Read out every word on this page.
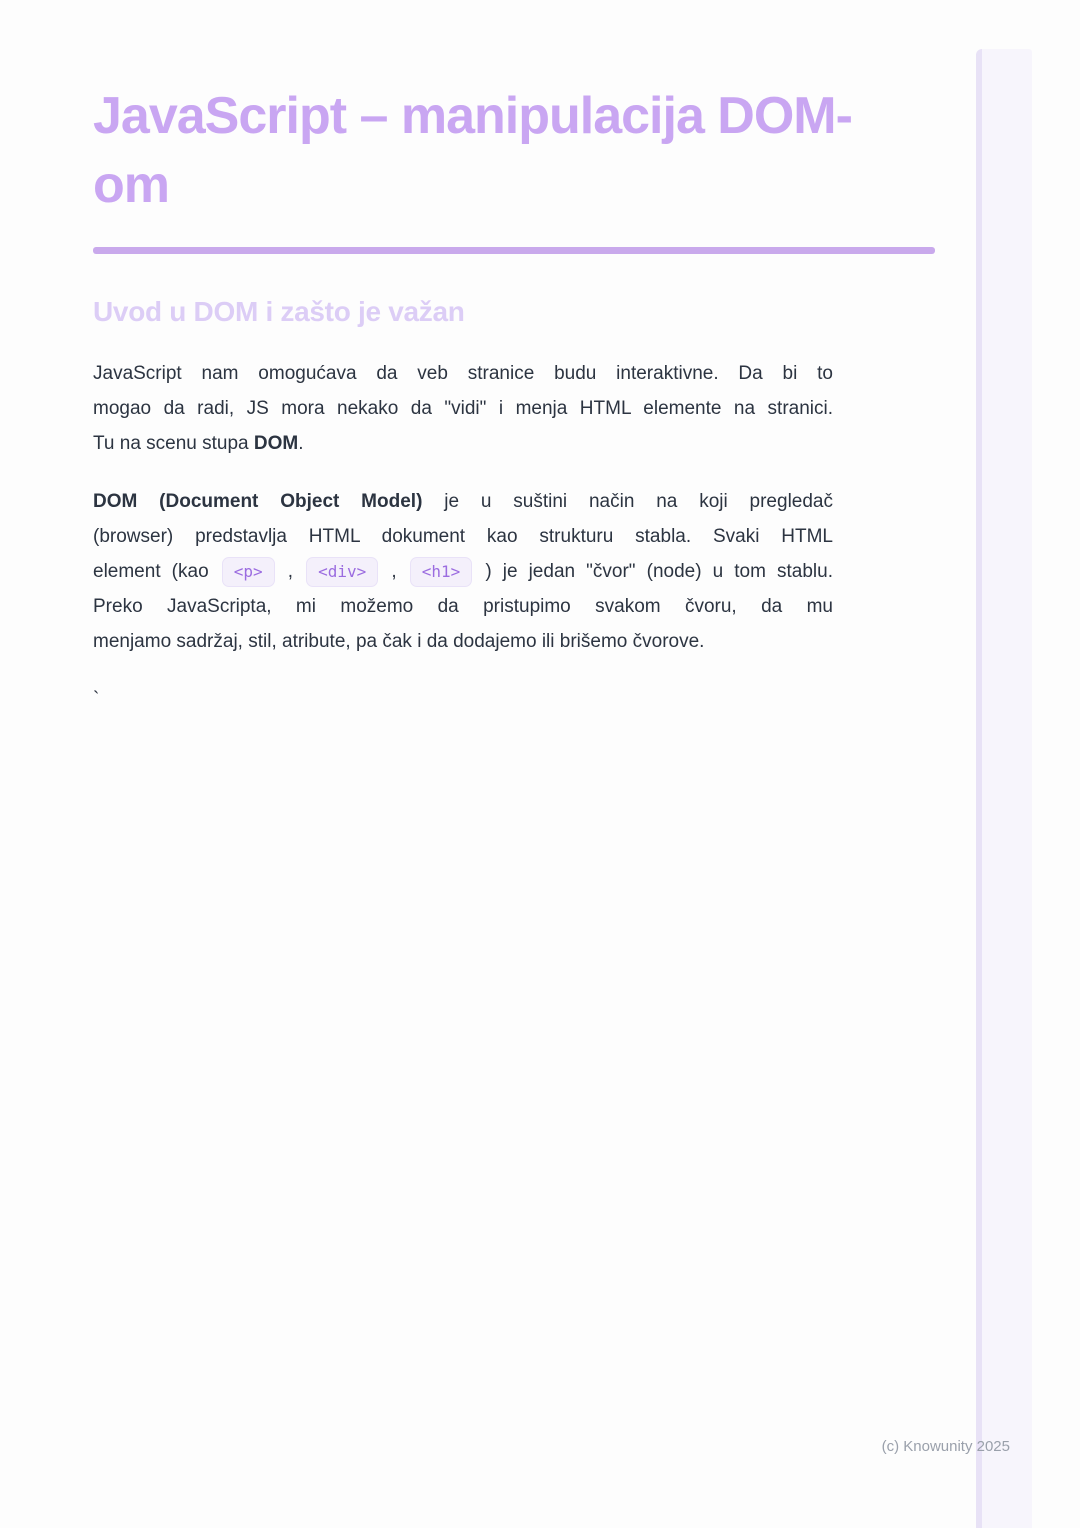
JavaScript – manipulacija DOM-om
Uvod u DOM i zašto je važan
JavaScript nam omogućava da veb stranice budu interaktivne. Da bi to
mogao da radi, JS mora nekako da "vidi" i menja HTML elemente na stranici.
Tu na scenu stupa DOM.
DOM (Document Object Model) je u suštini način na koji pregledač
(browser) predstavlja HTML dokument kao strukturu stabla. Svaki HTML
element (kao <p> , <div> , <h1> ) je jedan "čvor" (node) u tom stablu.
Preko JavaScripta, mi možemo da pristupimo svakom čvoru, da mu
menjamo sadržaj, stil, atribute, pa čak i da dodajemo ili brišemo čvorove.
`
(c) Knowunity 2025
